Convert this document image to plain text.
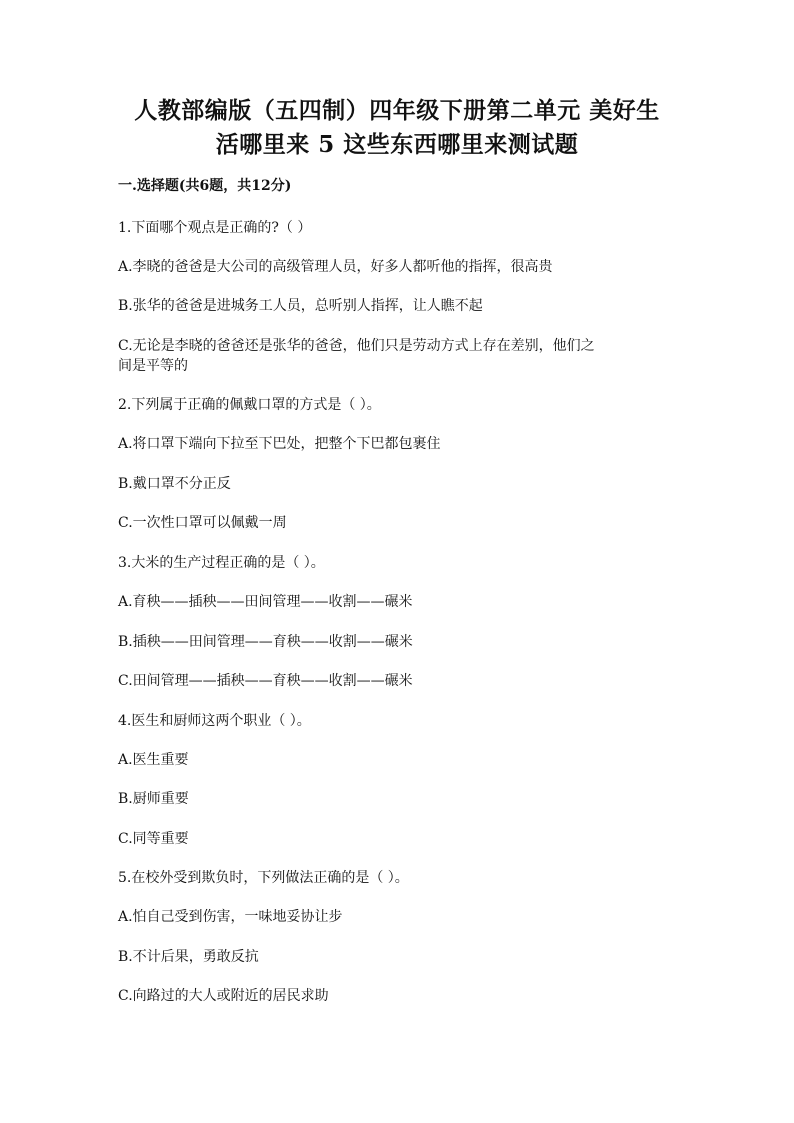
人教部编版（五四制）四年级下册第二单元 美好生
活哪里来 5 这些东西哪里来测试题
一.选择题(共6题，共12分)
1.下面哪个观点是正确的?（ ）
A.李晓的爸爸是大公司的高级管理人员，好多人都听他的指挥，很高贵
B.张华的爸爸是进城务工人员，总听别人指挥，让人瞧不起
C.无论是李晓的爸爸还是张华的爸爸，他们只是劳动方式上存在差别，他们之
间是平等的
2.下列属于正确的佩戴口罩的方式是（ ）。
A.将口罩下端向下拉至下巴处，把整个下巴都包裹住
B.戴口罩不分正反
C.一次性口罩可以佩戴一周
3.大米的生产过程正确的是（ ）。
A.育秧——插秧——田间管理——收割——碾米
B.插秧——田间管理——育秧——收割——碾米
C.田间管理——插秧——育秧——收割——碾米
4.医生和厨师这两个职业（ ）。
A.医生重要
B.厨师重要
C.同等重要
5.在校外受到欺负时，下列做法正确的是（ ）。
A.怕自己受到伤害，一味地妥协让步
B.不计后果，勇敢反抗
C.向路过的大人或附近的居民求助
